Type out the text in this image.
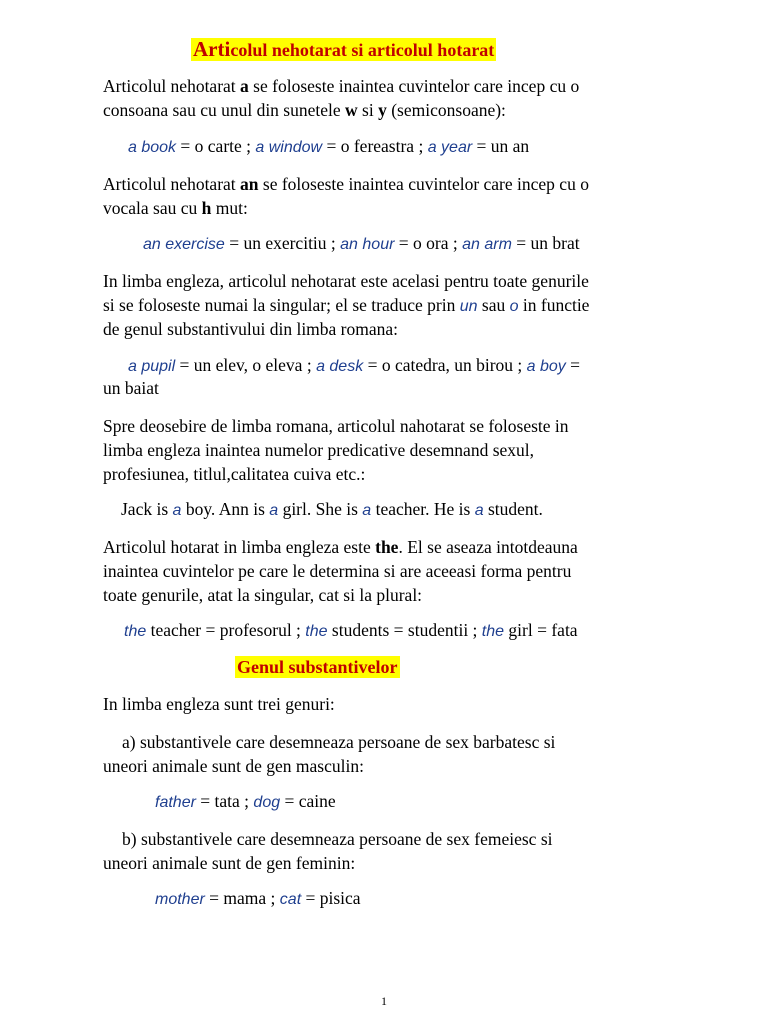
Articolul nehotarat si articolul hotarat

Articolul nehotarat a se foloseste inaintea cuvintelor care incep cu o

consoana sau cu unul din sunetele w si y (semiconsoane):

a book = o carte ; a window = o fereastra ; a year = un an

Articolul nehotarat an se foloseste inaintea cuvintelor care incep cu o

vocala sau cu h mut:

an exercise = un exercitiu ; an hour = o ora ; an arm = un brat

In limba engleza, articolul nehotarat este acelasi pentru toate genurile

si se foloseste numai la singular; el se traduce prin un sau o in functie

de genul substantivului din limba romana:

a pupil = un elev, o eleva ; a desk = o catedra, un birou ; a boy =

un baiat

Spre deosebire de limba romana, articolul nahotarat se foloseste in

limba engleza inaintea numelor predicative desemnand sexul,

profesiunea, titlul,calitatea cuiva etc.:

Jack is a boy. Ann is a girl. She is a teacher. He is a student.

Articolul hotarat in limba engleza este the. El se aseaza intotdeauna

inaintea cuvintelor pe care le determina si are aceeasi forma pentru

toate genurile, atat la singular, cat si la plural:

the teacher = profesorul ; the students = studentii ; the girl = fata

Genul substantivelor

In limba engleza sunt trei genuri:

a) substantivele care desemneaza persoane de sex barbatesc si

uneori animale sunt de gen masculin:

father = tata ; dog = caine

b) substantivele care desemneaza persoane de sex femeiesc si

uneori animale sunt de gen feminin:

mother = mama ; cat = pisica

1
